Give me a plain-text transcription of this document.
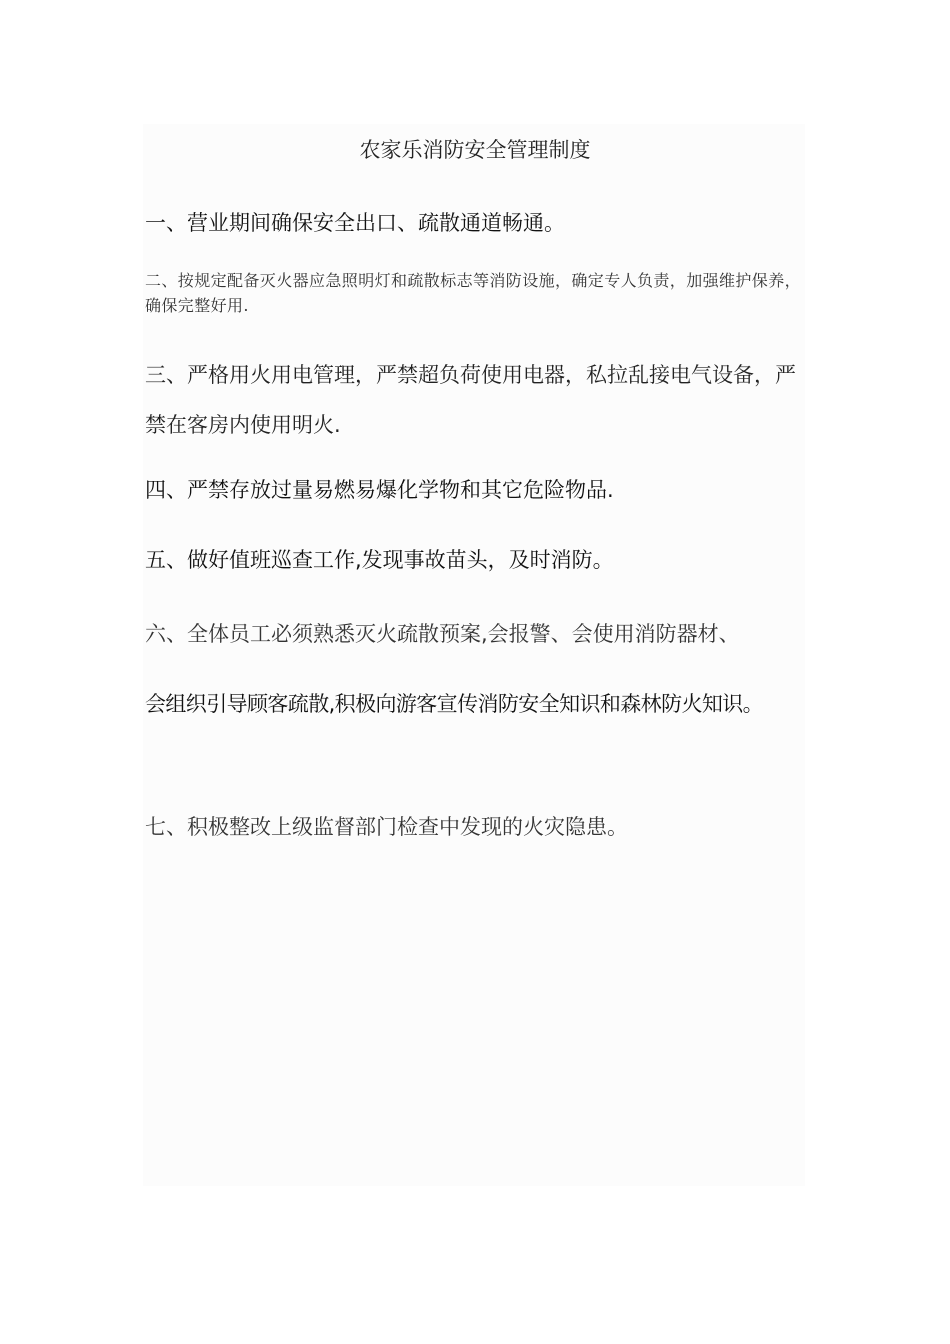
农家乐消防安全管理制度

一、营业期间确保安全出口、疏散通道畅通。

二、按规定配备灭火器应急照明灯和疏散标志等消防设施，确定专人负责，加强维护保养，确保完整好用.

三、严格用火用电管理，严禁超负荷使用电器，私拉乱接电气设备，严禁在客房内使用明火.

四、严禁存放过量易燃易爆化学物和其它危险物品.

五、做好值班巡查工作,发现事故苗头，及时消防。

六、全体员工必须熟悉灭火疏散预案,会报警、会使用消防器材、

会组织引导顾客疏散,积极向游客宣传消防安全知识和森林防火知识。

七、积极整改上级监督部门检查中发现的火灾隐患。
